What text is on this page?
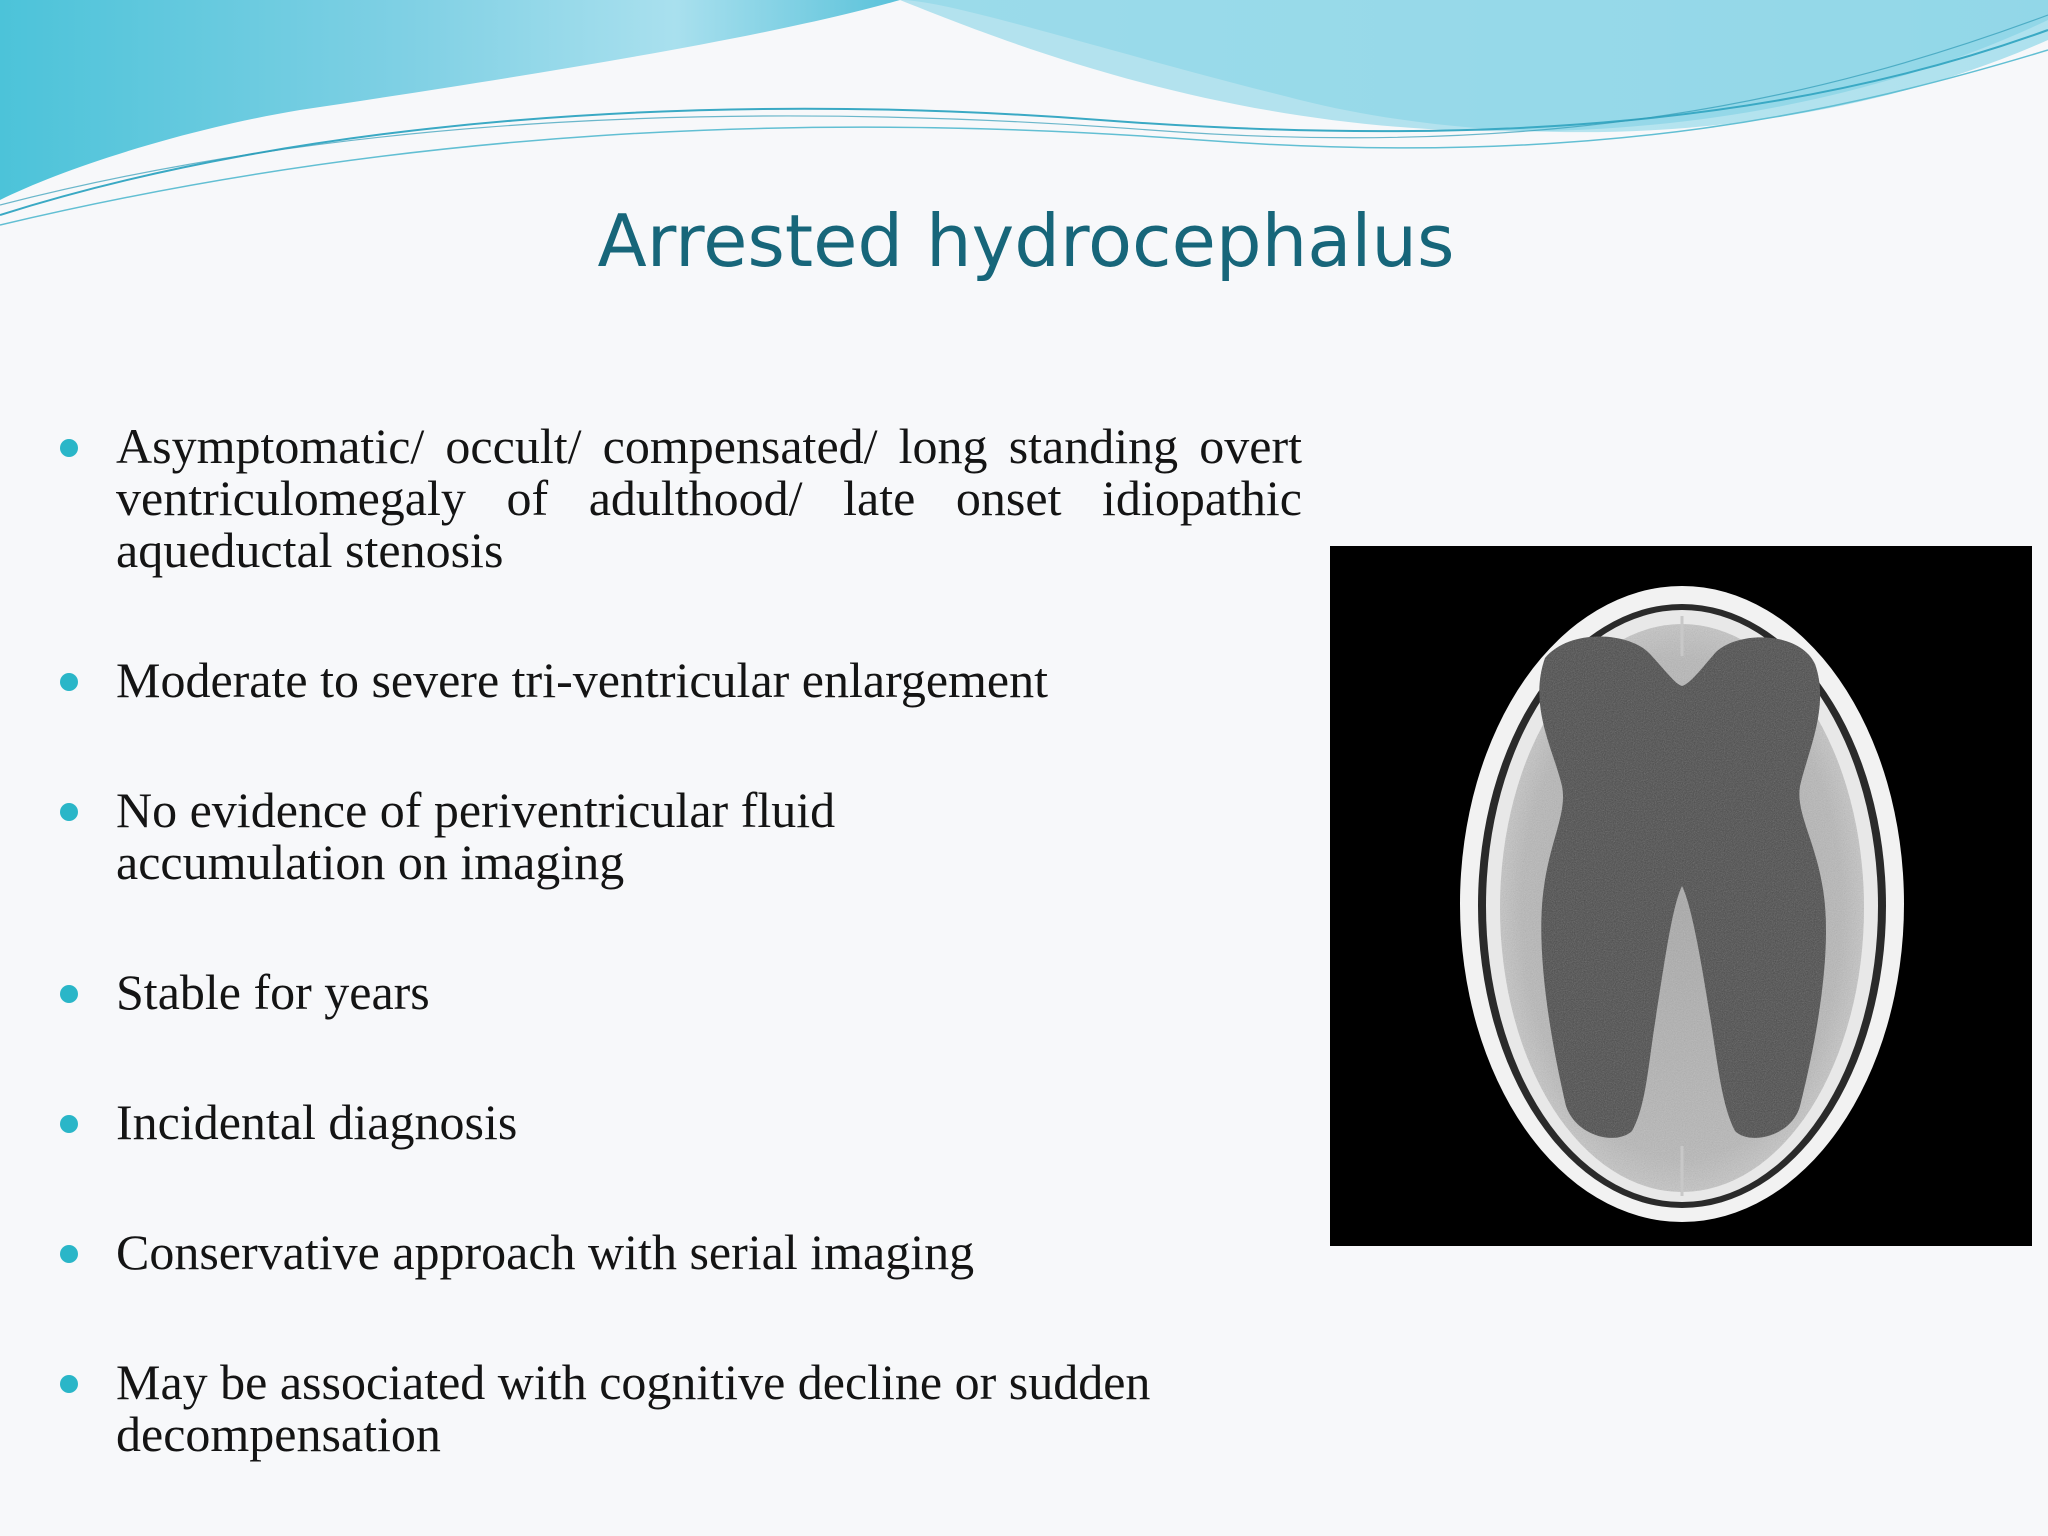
Arrested hydrocephalus
Asymptomatic/ occult/ compensated/ long standing overt ventriculomegaly of adulthood/ late onset idiopathic aqueductal stenosis
Moderate to severe tri-ventricular enlargement
No evidence of periventricular fluid accumulation on imaging
Stable for years
Incidental diagnosis
Conservative approach with serial imaging
May be associated with cognitive decline or sudden decompensation
